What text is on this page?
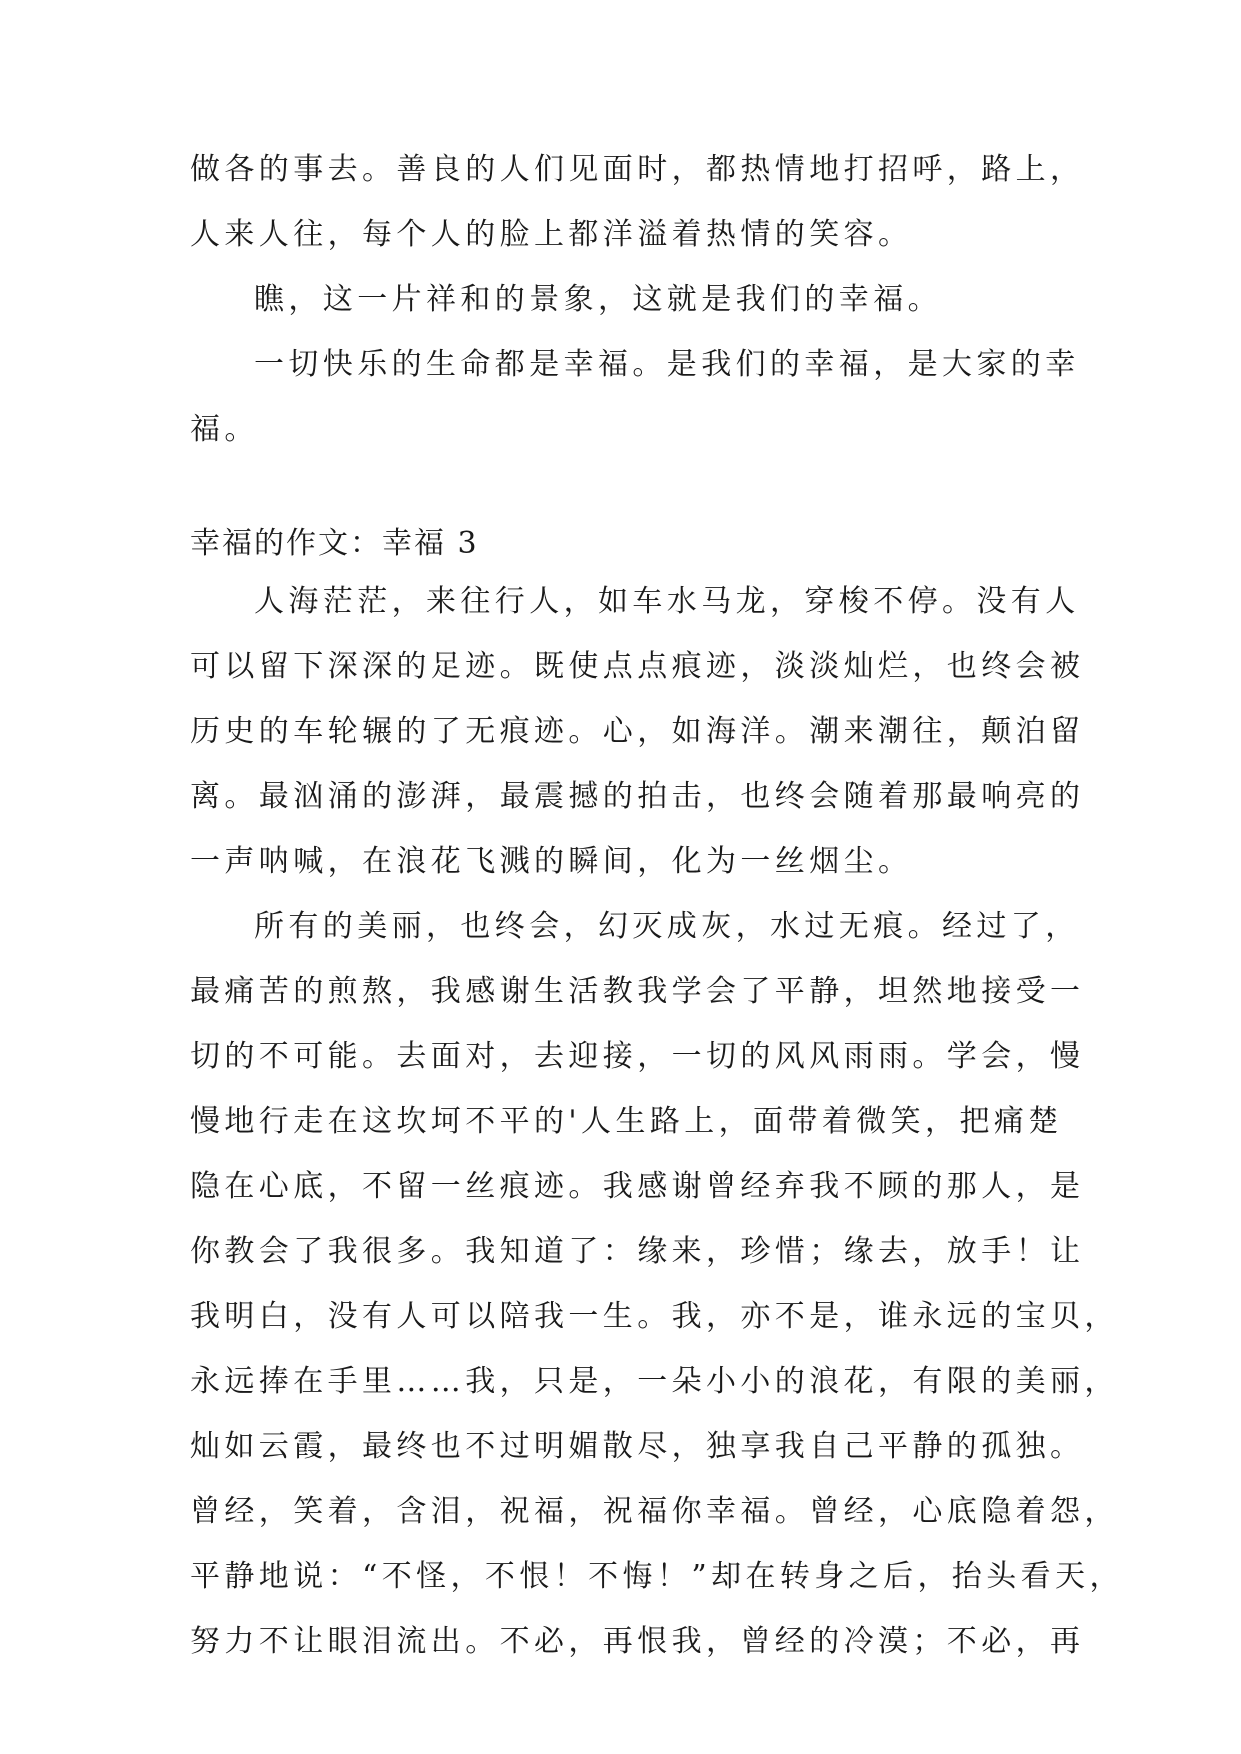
做各的事去。善良的人们见面时，都热情地打招呼，路上，
人来人往，每个人的脸上都洋溢着热情的笑容。
瞧，这一片祥和的景象，这就是我们的幸福。
一切快乐的生命都是幸福。是我们的幸福，是大家的幸
福。
幸福的作文：幸福 3
人海茫茫，来往行人，如车水马龙，穿梭不停。没有人
可以留下深深的足迹。既使点点痕迹，淡淡灿烂，也终会被
历史的车轮辗的了无痕迹。心，如海洋。潮来潮往，颠泊留
离。最汹涌的澎湃，最震撼的拍击，也终会随着那最响亮的
一声呐喊，在浪花飞溅的瞬间，化为一丝烟尘。
所有的美丽，也终会，幻灭成灰，水过无痕。经过了，
最痛苦的煎熬，我感谢生活教我学会了平静，坦然地接受一
切的不可能。去面对，去迎接，一切的风风雨雨。学会，慢
慢地行走在这坎坷不平的'人生路上，面带着微笑，把痛楚
隐在心底，不留一丝痕迹。我感谢曾经弃我不顾的那人，是
你教会了我很多。我知道了：缘来，珍惜；缘去，放手！让
我明白，没有人可以陪我一生。我，亦不是，谁永远的宝贝，
永远捧在手里……我，只是，一朵小小的浪花，有限的美丽，
灿如云霞，最终也不过明媚散尽，独享我自己平静的孤独。
曾经，笑着，含泪，祝福，祝福你幸福。曾经，心底隐着怨，
平静地说：“不怪，不恨！不悔！”却在转身之后，抬头看天，
努力不让眼泪流出。不必，再恨我，曾经的冷漠；不必，再
